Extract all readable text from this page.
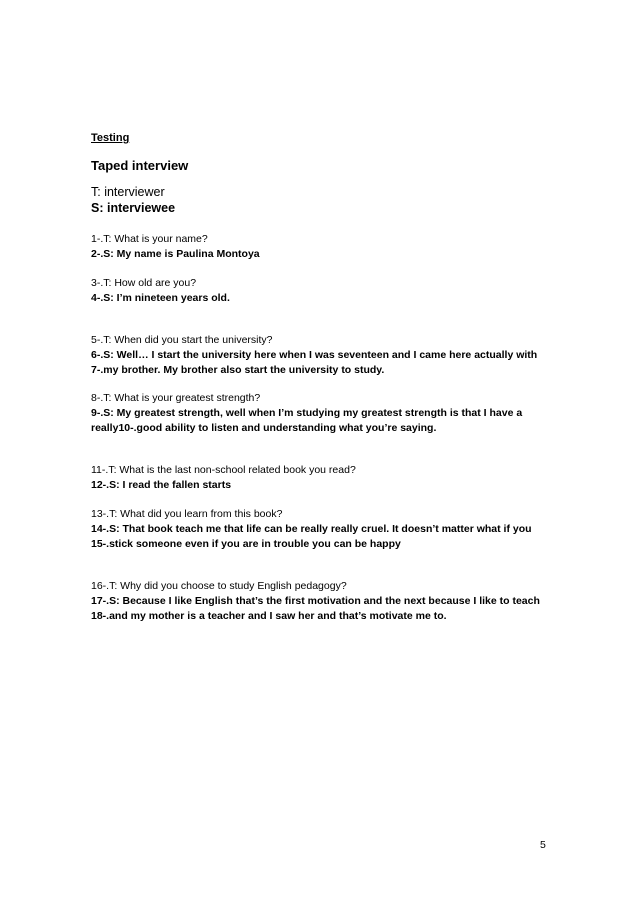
Testing
Taped interview
T: interviewer
S: interviewee
1-.T: What is your name?
2-.S: My name is Paulina Montoya
3-.T: How old are you?
4-.S: I’m nineteen years old.
5-.T: When did you start the university?
6-.S: Well… I start the university here when I was seventeen and I came here actually with
7-.my brother. My brother also start the university to study.
8-.T: What is your greatest strength?
9-.S: My greatest strength, well when I’m studying my greatest strength is that I have a
really10-.good ability to listen and understanding what you’re saying.
11-.T: What is the last non-school related book you read?
12-.S: I read the fallen starts
13-.T: What did you learn from this book?
14-.S: That book teach me that life can be really really cruel. It doesn’t matter what if you
15-.stick someone even if you are in trouble you can be happy
16-.T: Why did you choose to study English pedagogy?
17-.S: Because I like English that’s the first motivation and the next because I like to teach
18-.and my mother is a teacher and I saw her and that’s motivate me to.
5
